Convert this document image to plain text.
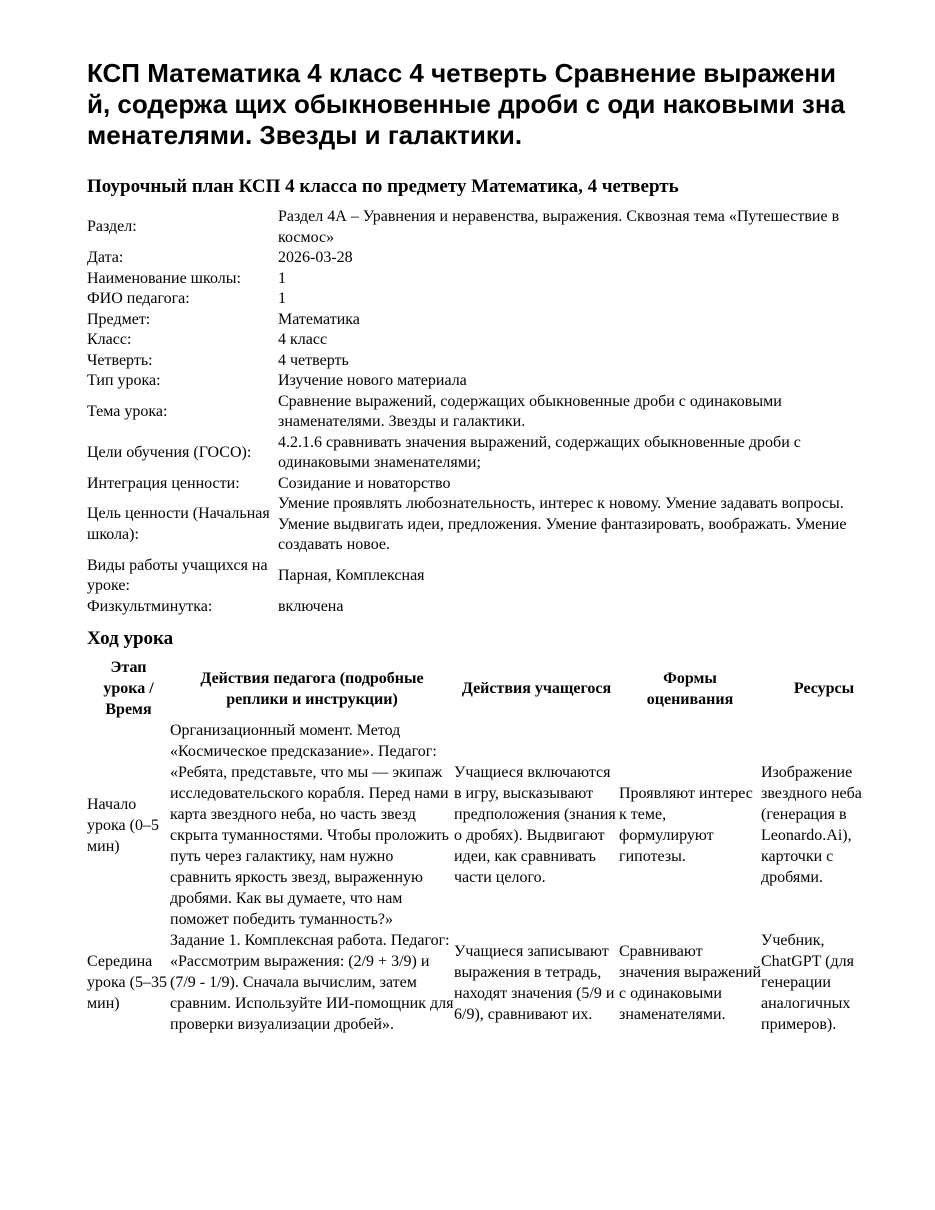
КСП Математика 4 класс 4 четверть Сравнение выражений, содержа щих обыкновенные дроби с оди наковыми знаменателями. Звезды и галактики.
Поурочный план КСП 4 класса по предмету Математика, 4 четверть
Раздел:	Раздел 4А – Уравнения и неравенства, выражения. Сквозная тема «Путешествие в космос»
Дата:	2026-03-28
Наименование школы:	1
ФИО педагога:	1
Предмет:	Математика
Класс:	4 класс
Четверть:	4 четверть
Тип урока:	Изучение нового материала
Тема урока:	Сравнение выражений, содержащих обыкновенные дроби с одинаковыми знаменателями. Звезды и галактики.
Цели обучения (ГОСО):	4.2.1.6 сравнивать значения выражений, содержащих обыкновенные дроби с одинаковыми знаменателями;
Интеграция ценности:	Созидание и новаторство
Цель ценности (Начальная школа):	Умение проявлять любознательность, интерес к новому. Умение задавать вопросы. Умение выдвигать идеи, предложения. Умение фантазировать, воображать. Умение создавать новое.
Виды работы учащихся на уроке:	Парная, Комплексная
Физкультминутка:	включена
Ход урока
Этап урока / Время	Действия педагога (подробные реплики и инструкции)	Действия учащегося	Формы оценивания	Ресурсы
Начало урока (0–5 мин)	Организационный момент. Метод «Космическое предсказание». Педагог: «Ребята, представьте, что мы — экипаж исследовательского корабля. Перед нами карта звездного неба, но часть звезд скрыта туманностями. Чтобы проложить путь через галактику, нам нужно сравнить яркость звезд, выраженную дробями. Как вы думаете, что нам поможет победить туманность?»	Учащиеся включаются в игру, высказывают предположения (знания о дробях). Выдвигают идеи, как сравнивать части целого.	Проявляют интерес к теме, формулируют гипотезы.	Изображение звездного неба (генерация в Leonardo.Ai), карточки с дробями.
Середина урока (5–35 мин)	Задание 1. Комплексная работа. Педагог: «Рассмотрим выражения: (2/9 + 3/9) и (7/9 - 1/9). Сначала вычислим, затем сравним. Используйте ИИ-помощник для проверки визуализации дробей».	Учащиеся записывают выражения в тетрадь, находят значения (5/9 и 6/9), сравнивают их.	Сравнивают значения выражений с одинаковыми знаменателями.	Учебник, ChatGPT (для генерации аналогичных примеров).
